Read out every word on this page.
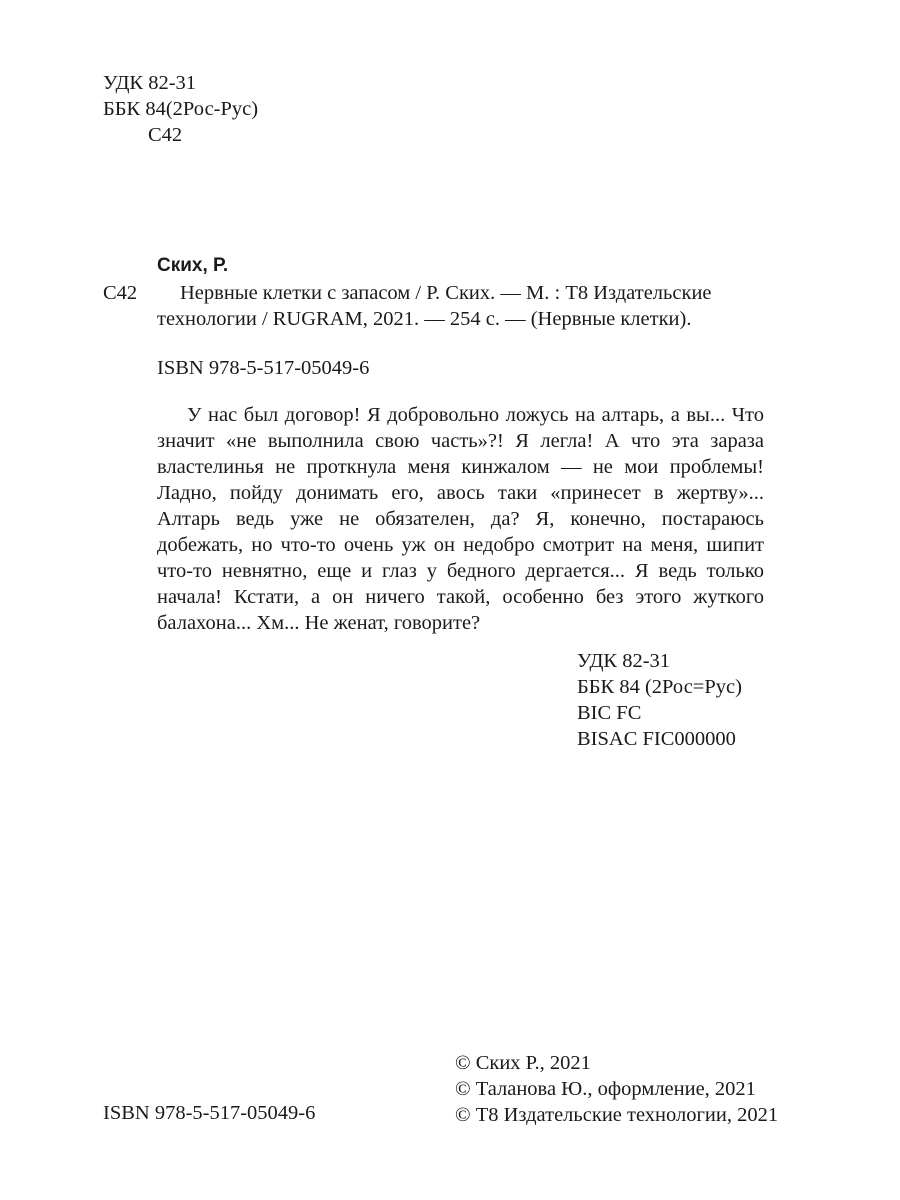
УДК 82-31
ББК 84(2Рос-Рус)
С42
Ских, Р.
С42	Нервные клетки с запасом / Р. Ских. — М. : Т8 Издательские
технологии / RUGRAM, 2021. — 254 с. — (Нервные клетки).
ISBN 978-5-517-05049-6

У нас был договор! Я добровольно ложусь на алтарь, а вы... Что значит «не выполнила свою часть»?! Я легла! А что эта зараза властелинья не проткнула меня кинжалом — не мои проблемы! Ладно, пойду донимать его, авось таки «принесет в жертву»... Алтарь ведь уже не обязателен, да? Я, конечно, постараюсь добежать, но что-то очень уж он недобро смотрит на меня, шипит что-то невнятно, еще и глаз у бедного дергается... Я ведь только начала! Кстати, а он ничего такой, особенно без этого жуткого балахона... Хм... Не женат, говорите?

УДК 82-31
ББК 84 (2Рос=Рус)
BIC FC
BISAC FIC000000
ISBN 978-5-517-05049-6
© Ских Р., 2021
© Таланова Ю., оформление, 2021
© Т8 Издательские технологии, 2021
